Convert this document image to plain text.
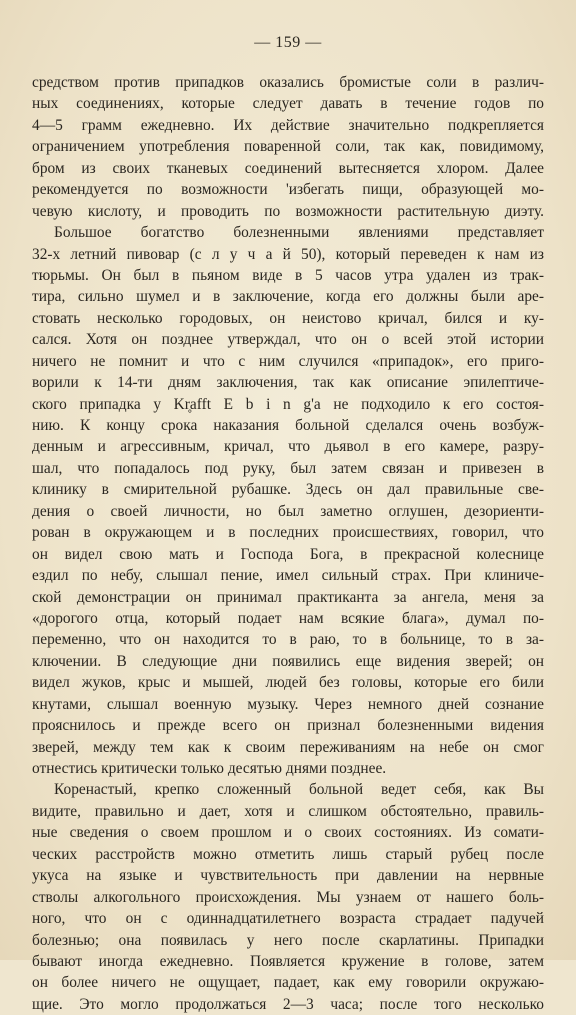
— 159 —
средством против припадков оказались бромистые соли в различ-
ных соединениях, которые следует давать в течение годов по
4—5 грамм ежедневно. Их действие значительно подкрепляется
ограничением употребления поваренной соли, так как, повидимому,
бром из своих тканевых соединений вытесняется хлором. Далее
рекомендуется по возможности 'избегать пищи, образующей мо-
чевую кислоту, и проводить по возможности растительную диэту.
Большое богатство болезненными явлениями представляет
32-х летний пивовар (с л у ч а й 50), который переведен к нам из
тюрьмы. Он был в пьяном виде в 5 часов утра удален из трак-
тира, сильно шумел и в заключение, когда его должны были аре-
стовать несколько городовых, он неистово кричал, бился и ку-
сался. Хотя он позднее утверждал, что он о всей этой истории
ничего не помнит и что с ним случился «припадок», его приго-
ворили к 14-ти дням заключения, так как описание эпилептиче-
ского припадка у Kr̥afft E b i n g'a не подходило к его состоя-
нию. К концу срока наказания больной сделался очень возбуж-
денным и агрессивным, кричал, что дьявол в его камере, разру-
шал, что попадалось под руку, был затем связан и привезен в
клинику в смирительной рубашке. Здесь он дал правильные све-
дения о своей личности, но был заметно оглушен, дезориенти-
рован в окружающем и в последних происшествиях, говорил, что
он видел свою мать и Господа Бога, в прекрасной колеснице
ездил по небу, слышал пение, имел сильный страх. При клиниче-
ской демонстрации он принимал практиканта за ангела, меня за
«дорогого отца, который подает нам всякие блага», думал по-
переменно, что он находится то в раю, то в больнице, то в за-
ключении. В следующие дни появились еще видения зверей; он
видел жуков, крыс и мышей, людей без головы, которые его били
кнутами, слышал военную музыку. Через немного дней сознание
прояснилось и прежде всего он признал болезненными видения
зверей, между тем как к своим переживаниям на небе он смог
отнестись критически только десятью днями позднее.
Коренастый, крепко сложенный больной ведет себя, как Вы
видите, правильно и дает, хотя и слишком обстоятельно, правиль-
ные сведения о своем прошлом и о своих состояниях. Из сомати-
ческих расстройств можно отметить лишь старый рубец после
укуса на языке и чувствительность при давлении на нервные
стволы алкогольного происхождения. Мы узнаем от нашего боль-
ного, что он с одиннадцатилетнего возраста страдает падучей
болезнью; она появилась у него после скарлатины. Припадки
бывают иногда ежедневно. Появляется кружение в голове, затем
он более ничего не ощущает, падает, как ему говорили окружаю-
щие. Это могло продолжаться 2—3 часа; после того несколько
